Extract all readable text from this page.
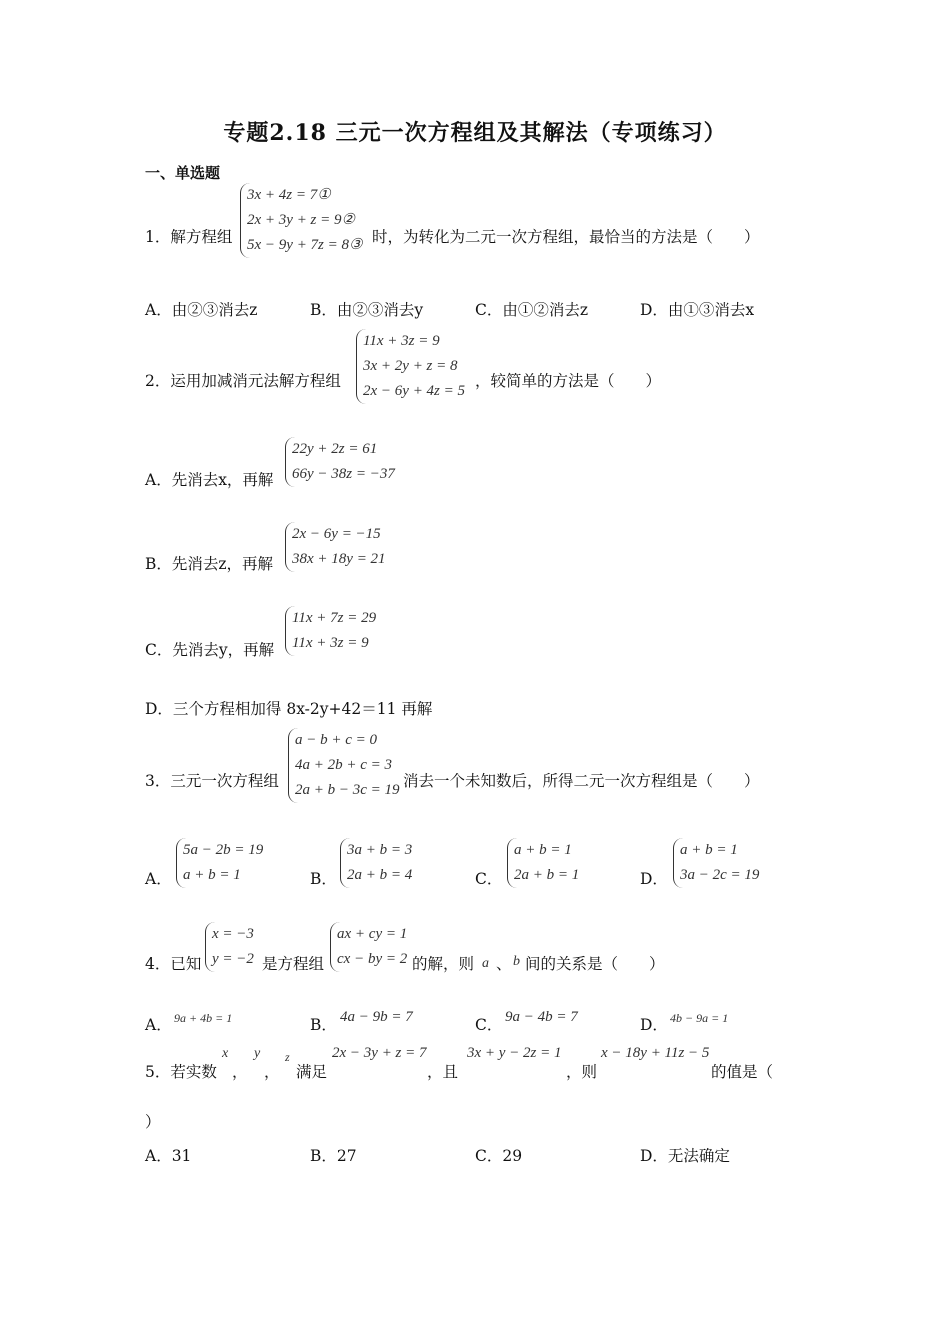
专题2.18 三元一次方程组及其解法（专项练习）
一、单选题
1．解方程组
3x + 4z = 7①
2x + 3y + z = 9②
5x − 9y + 7z = 8③ 时，为转化为二元一次方程组，最恰当的方法是（　　）
A．由②③消去z	B．由②③消去y	C．由①②消去z	D．由①③消去x
2．运用加减消元法解方程组
11x + 3z = 9
3x + 2y + z = 8
2x − 6y + 4z = 5
，较简单的方法是（　　）
A．先消去x，再解
22y + 2z = 61
66y − 38z = −37
B．先消去z，再解
2x − 6y = −15
38x + 18y = 21
C．先消去y，再解
11x + 7z = 29
11x + 3z = 9
D．三个方程相加得 8x-2y+42＝11 再解
3．三元一次方程组
a − b + c = 0
4a + 2b + c = 3
2a + b − 3c = 19 消去一个未知数后，所得二元一次方程组是（　　）
A．
5a − 2b = 19
a + b = 1	B．
3a + b = 3
2a + b = 4	C．
a + b = 1
2a + b = 1	D．
a + b = 1
3a − 2c = 19
4．已知
x = −3
y = −2 是方程组
ax + cy = 1
cx − by = 2 的解，则 a 、 b 间的关系是（　　）
A． 9a + 4b = 1	B． 4a − 9b = 7	C． 9a − 4b = 7	D． 4b − 9a = 1
5．若实数
x
，
y
，
z
满足
2x − 3y + z = 7
，且
3x + y − 2z = 1
，则
x − 18y + 11z − 5
的值是（
）
A．31	B．27	C．29	D．无法确定
